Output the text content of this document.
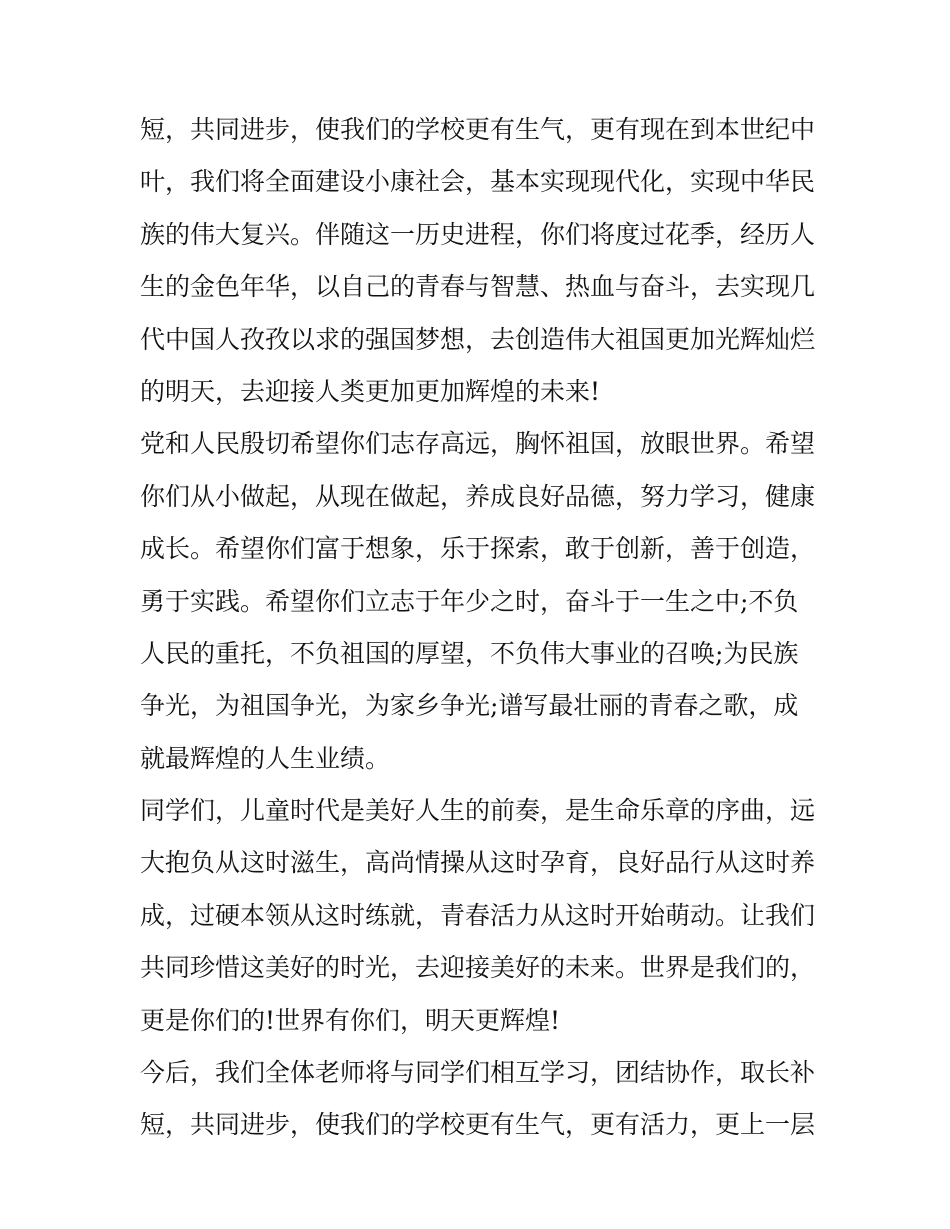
短，共同进步，使我们的学校更有生气，更有现在到本世纪中
叶，我们将全面建设小康社会，基本实现现代化，实现中华民
族的伟大复兴。伴随这一历史进程，你们将度过花季，经历人
生的金色年华，以自己的青春与智慧、热血与奋斗，去实现几
代中国人孜孜以求的强国梦想，去创造伟大祖国更加光辉灿烂
的明天，去迎接人类更加更加辉煌的未来!
党和人民殷切希望你们志存高远，胸怀祖国，放眼世界。希望
你们从小做起，从现在做起，养成良好品德，努力学习，健康
成长。希望你们富于想象，乐于探索，敢于创新，善于创造，
勇于实践。希望你们立志于年少之时，奋斗于一生之中;不负
人民的重托，不负祖国的厚望，不负伟大事业的召唤;为民族
争光，为祖国争光，为家乡争光;谱写最壮丽的青春之歌，成
就最辉煌的人生业绩。
同学们，儿童时代是美好人生的前奏，是生命乐章的序曲，远
大抱负从这时滋生，高尚情操从这时孕育，良好品行从这时养
成，过硬本领从这时练就，青春活力从这时开始萌动。让我们
共同珍惜这美好的时光，去迎接美好的未来。世界是我们的，
更是你们的!世界有你们，明天更辉煌!
今后，我们全体老师将与同学们相互学习，团结协作，取长补
短，共同进步，使我们的学校更有生气，更有活力，更上一层
